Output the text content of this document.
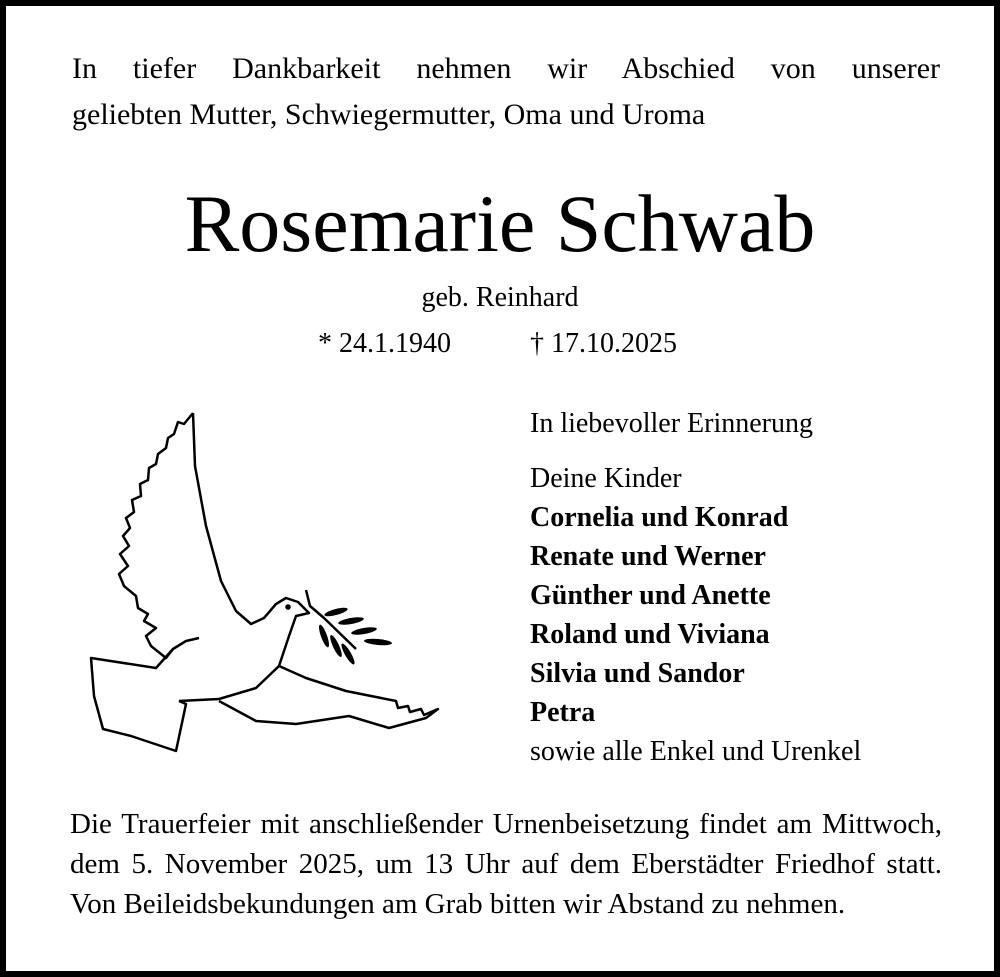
In tiefer Dankbarkeit nehmen wir Abschied von unserer
geliebten Mutter, Schwiegermutter, Oma und Uroma
Rosemarie Schwab
geb. Reinhard
* 24.1.1940	† 17.10.2025
In liebevoller Erinnerung
Deine Kinder
Cornelia und Konrad
Renate und Werner
Günther und Anette
Roland und Viviana
Silvia und Sandor
Petra
sowie alle Enkel und Urenkel
Die Trauerfeier mit anschließender Urnenbeisetzung findet am Mittwoch, dem 5. November 2025, um 13 Uhr auf dem Eberstädter Friedhof statt. Von Beileidsbekundungen am Grab bitten wir Abstand zu nehmen.
